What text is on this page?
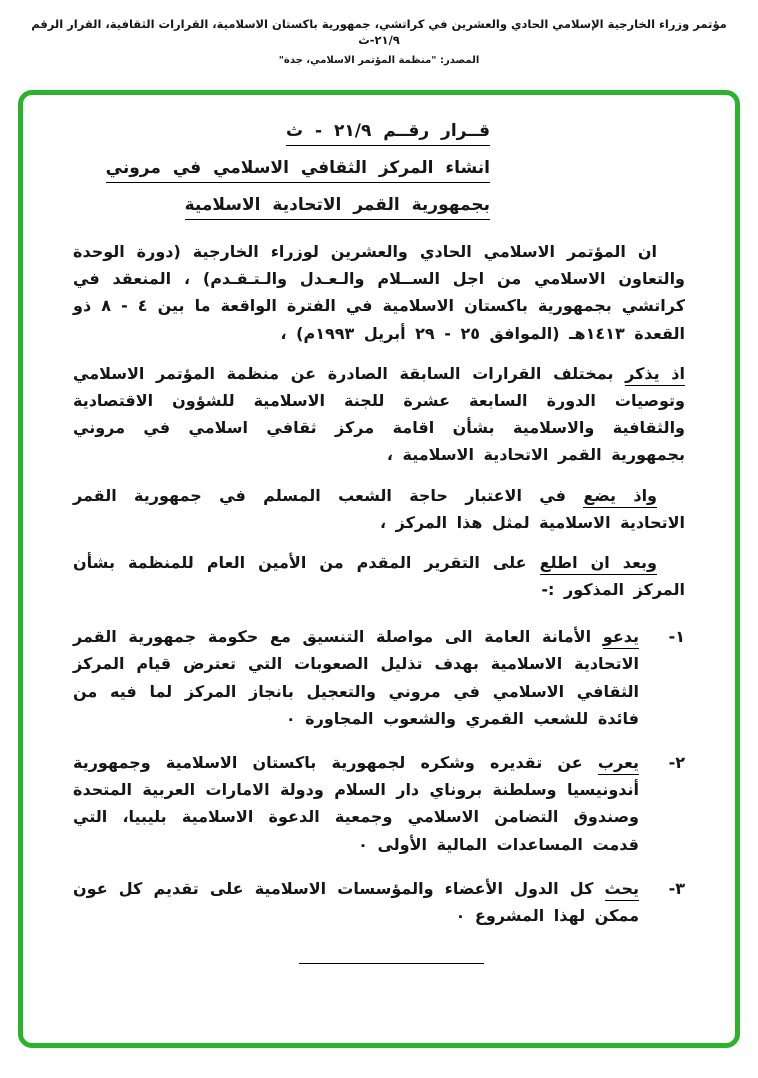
مؤتمر وزراء الخارجية الإسلامي الحادي والعشرين في كراتشي، جمهورية باكستان الاسلامية، القرارات الثقافية، القرار الرقم ٢١/٩-ث
المصدر: "منظمة المؤتمر الاسلامي، جدة"
قــرار رقــم ٢١/٩ - ث
انشاء المركز الثقافي الاسلامي في مروني
بجمهورية القمر الاتحادية الاسلامية

ان المؤتمر الاسلامي الحادي والعشرين لوزراء الخارجية (دورة الوحدة والتعاون الاسلامي من اجل الســلام والـعـدل والـتـقـدم) ، المنعقد في كراتشي بجمهورية باكستان الاسلامية في الفترة الواقعة ما بين ٤ - ٨ ذو القعدة ١٤١٣هـ (الموافق ٢٥ - ٢٩ أبريل ١٩٩٣م) ،

اذ يذكر بمختلف القرارات السابقة الصادرة عن منظمة المؤتمر الاسلامي وتوصيات الدورة السابعة عشرة للجنة الاسلامية للشؤون الاقتصادية والثقافية والاسلامية بشأن اقامة مركز ثقافي اسلامي في مروني بجمهورية القمر الاتحادية الاسلامية ،

واذ يضع في الاعتبار حاجة الشعب المسلم في جمهورية القمر الاتحادية الاسلامية لمثل هذا المركز ،

وبعد ان اطلع على التقرير المقدم من الأمين العام للمنظمة بشأن المركز المذكور :-

١-
يدعو الأمانة العامة الى مواصلة التنسيق مع حكومة جمهورية القمر الاتحادية الاسلامية بهدف تذليل الصعوبات التي تعترض قيام المركز الثقافي الاسلامي في مروني والتعجيل بانجاز المركز لما فيه من فائدة للشعب القمري والشعوب المجاورة ٠
٢-
يعرب عن تقديره وشكره لجمهورية باكستان الاسلامية وجمهورية أندونيسيا وسلطنة بروناي دار السلام ودولة الامارات العربية المتحدة وصندوق التضامن الاسلامي وجمعية الدعوة الاسلامية بليبيا، التي قدمت المساعدات المالية الأولى ٠
٣-
يحث كل الدول الأعضاء والمؤسسات الاسلامية على تقديم كل عون ممكن لهذا المشروع ٠
